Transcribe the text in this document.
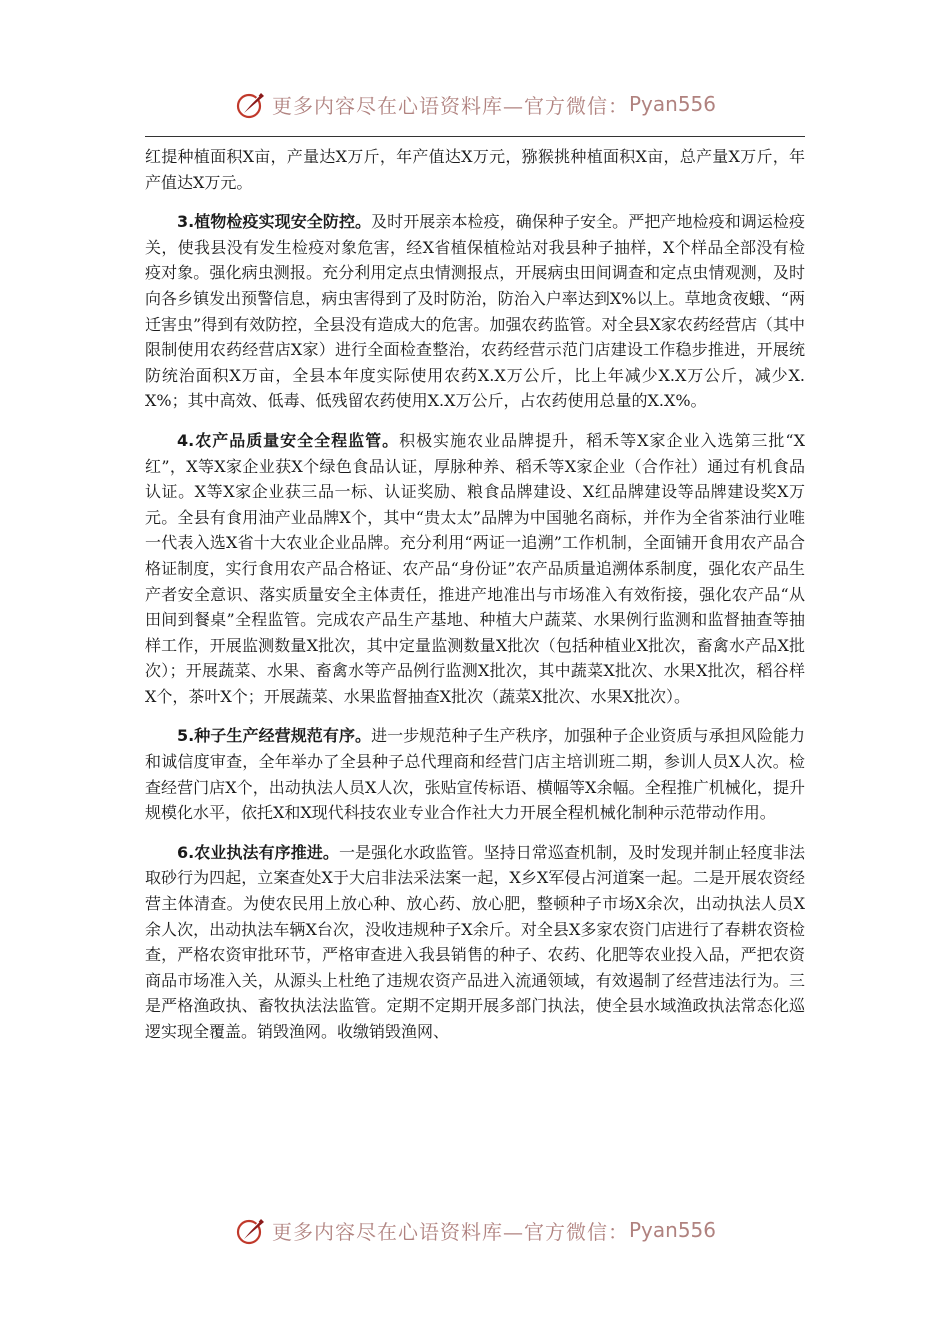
更多内容尽在心语资料库—官方微信： Pyan556

红提种植面积X亩，产量达X万斤，年产值达X万元，猕猴挑种植面积X亩，总产量X万斤，年产值达X万元。

3.植物检疫实现安全防控。及时开展亲本检疫，确保种子安全。严把产地检疫和调运检疫关，使我县没有发生检疫对象危害，经X省植保植检站对我县种子抽样，X个样品全部没有检疫对象。强化病虫测报。充分利用定点虫情测报点，开展病虫田间调查和定点虫情观测，及时向各乡镇发出预警信息，病虫害得到了及时防治，防治入户率达到X%以上。草地贪夜蛾、“两迁害虫”得到有效防控，全县没有造成大的危害。加强农药监管。对全县X家农药经营店（其中限制使用农药经营店X家）进行全面检查整治，农药经营示范门店建设工作稳步推进，开展统防统治面积X万亩，全县本年度实际使用农药X.X万公斤，比上年减少X.X万公斤，减少X.X%；其中高效、低毒、低残留农药使用X.X万公斤，占农药使用总量的X.X%。

4.农产品质量安全全程监管。积极实施农业品牌提升，稻禾等X家企业入选第三批“X红”，X等X家企业获X个绿色食品认证，厚脉种养、稻禾等X家企业（合作社）通过有机食品认证。X等X家企业获三品一标、认证奖励、粮食品牌建设、X红品牌建设等品牌建设奖X万元。全县有食用油产业品牌X个，其中“贵太太”品牌为中国驰名商标，并作为全省茶油行业唯一代表入选X省十大农业企业品牌。充分利用“两证一追溯”工作机制，全面铺开食用农产品合格证制度，实行食用农产品合格证、农产品“身份证”农产品质量追溯体系制度，强化农产品生产者安全意识、落实质量安全主体责任，推进产地准出与市场准入有效衔接，强化农产品“从田间到餐桌”全程监管。完成农产品生产基地、种植大户蔬菜、水果例行监测和监督抽查等抽样工作，开展监测数量X批次，其中定量监测数量X批次（包括种植业X批次，畜禽水产品X批次）；开展蔬菜、水果、畜禽水等产品例行监测X批次，其中蔬菜X批次、水果X批次，稻谷样X个，茶叶X个；开展蔬菜、水果监督抽查X批次（蔬菜X批次、水果X批次）。

5.种子生产经营规范有序。进一步规范种子生产秩序，加强种子企业资质与承担风险能力和诚信度审查，全年举办了全县种子总代理商和经营门店主培训班二期，参训人员X人次。检查经营门店X个，出动执法人员X人次，张贴宣传标语、横幅等X余幅。全程推广机械化，提升规模化水平，依托X和X现代科技农业专业合作社大力开展全程机械化制种示范带动作用。

6.农业执法有序推进。一是强化水政监管。坚持日常巡查机制，及时发现并制止轻度非法取砂行为四起，立案查处X于大启非法采法案一起，X乡X军侵占河道案一起。二是开展农资经营主体清查。为使农民用上放心种、放心药、放心肥，整顿种子市场X余次，出动执法人员X余人次，出动执法车辆X台次，没收违规种子X余斤。对全县X多家农资门店进行了春耕农资检查，严格农资审批环节，严格审查进入我县销售的种子、农药、化肥等农业投入品，严把农资商品市场准入关，从源头上杜绝了违规农资产品进入流通领域，有效遏制了经营违法行为。三是严格渔政执、畜牧执法法监管。定期不定期开展多部门执法，使全县水域渔政执法常态化巡逻实现全覆盖。销毁渔网。收缴销毁渔网、

更多内容尽在心语资料库—官方微信： Pyan556
